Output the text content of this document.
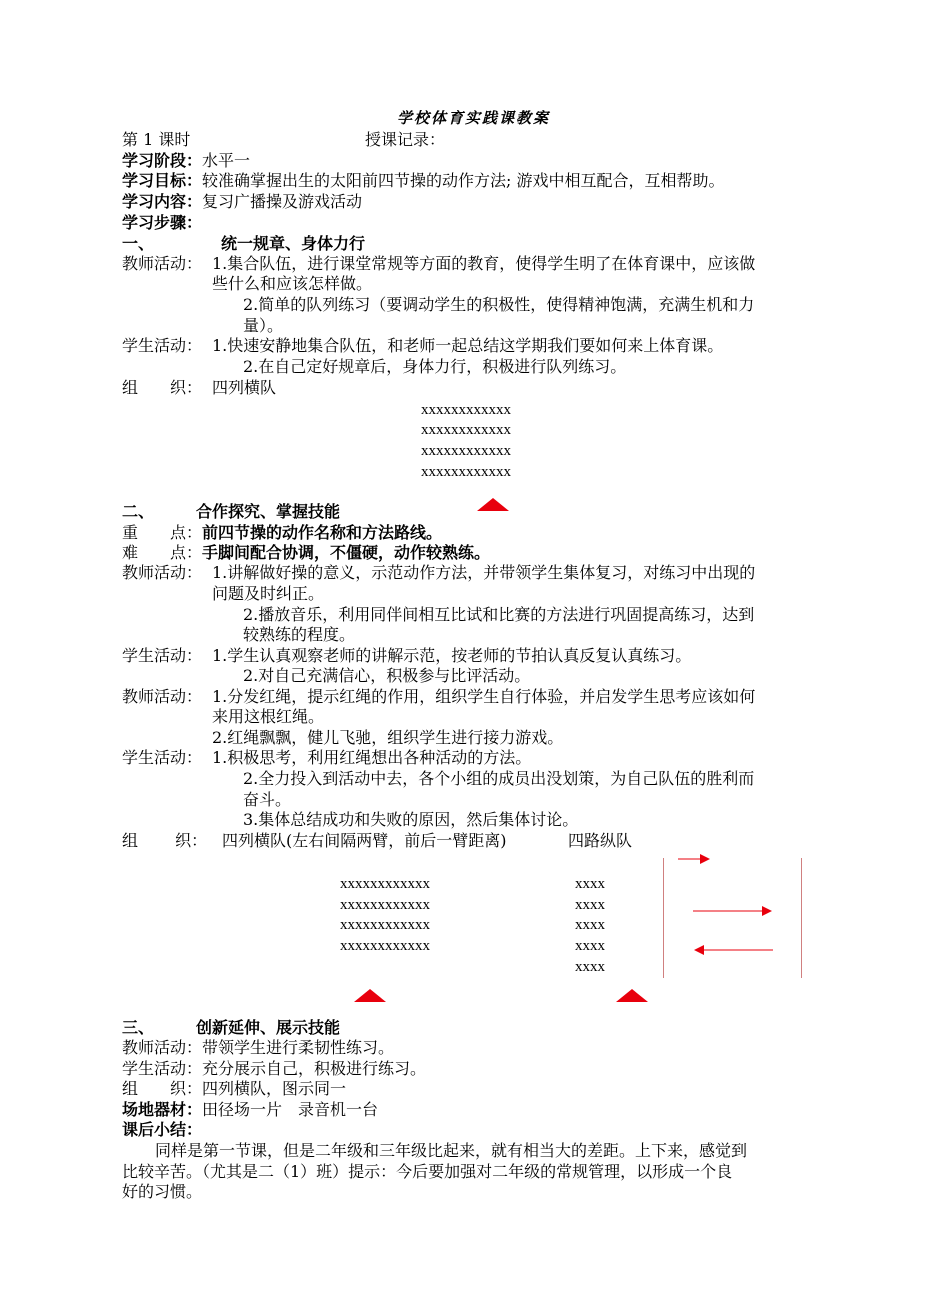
学校体育实践课教案
第 1 课时	授课记录：
学习阶段：水平一
学习目标：较准确掌握出生的太阳前四节操的动作方法; 游戏中相互配合，互相帮助。
学习内容：复习广播操及游戏活动
学习步骤：
一、	统一规章、身体力行
教师活动： 1.集合队伍，进行课堂常规等方面的教育，使得学生明了在体育课中，应该做
些什么和应该怎样做。
2.简单的队列练习（要调动学生的积极性，使得精神饱满，充满生机和力
量）。
学生活动： 1.快速安静地集合队伍，和老师一起总结这学期我们要如何来上体育课。
2.在自己定好规章后，身体力行，积极进行队列练习。
组　　织： 四列横队
xxxxxxxxxxxx
xxxxxxxxxxxx
xxxxxxxxxxxx
xxxxxxxxxxxx
二、	合作探究、掌握技能
重　　点：前四节操的动作名称和方法路线。
难　　点：手脚间配合协调，不僵硬，动作较熟练。
教师活动： 1.讲解做好操的意义，示范动作方法，并带领学生集体复习，对练习中出现的
问题及时纠正。
2.播放音乐，利用同伴间相互比试和比赛的方法进行巩固提高练习，达到
较熟练的程度。
学生活动： 1.学生认真观察老师的讲解示范，按老师的节拍认真反复认真练习。
2.对自己充满信心，积极参与比评活动。
教师活动： 1.分发红绳，提示红绳的作用，组织学生自行体验，并启发学生思考应该如何
来用这根红绳。
2.红绳飘飘，健儿飞驰，组织学生进行接力游戏。
学生活动： 1.积极思考，利用红绳想出各种活动的方法。
2.全力投入到活动中去，各个小组的成员出没划策，为自己队伍的胜利而
奋斗。
3.集体总结成功和失败的原因，然后集体讨论。
组　　 织： 四列横队(左右间隔两臂，前后一臂距离)	四路纵队
xxxxxxxxxxxx
xxxxxxxxxxxx
xxxxxxxxxxxx
xxxxxxxxxxxx
xxxx
xxxx
xxxx
xxxx
xxxx
三、	创新延伸、展示技能
教师活动：带领学生进行柔韧性练习。
学生活动：充分展示自己，积极进行练习。
组　　织：四列横队，图示同一
场地器材：田径场一片　录音机一台
课后小结：
同样是第一节课，但是二年级和三年级比起来，就有相当大的差距。上下来，感觉到
比较辛苦。（尤其是二（1）班）提示：今后要加强对二年级的常规管理，以形成一个良
好的习惯。
